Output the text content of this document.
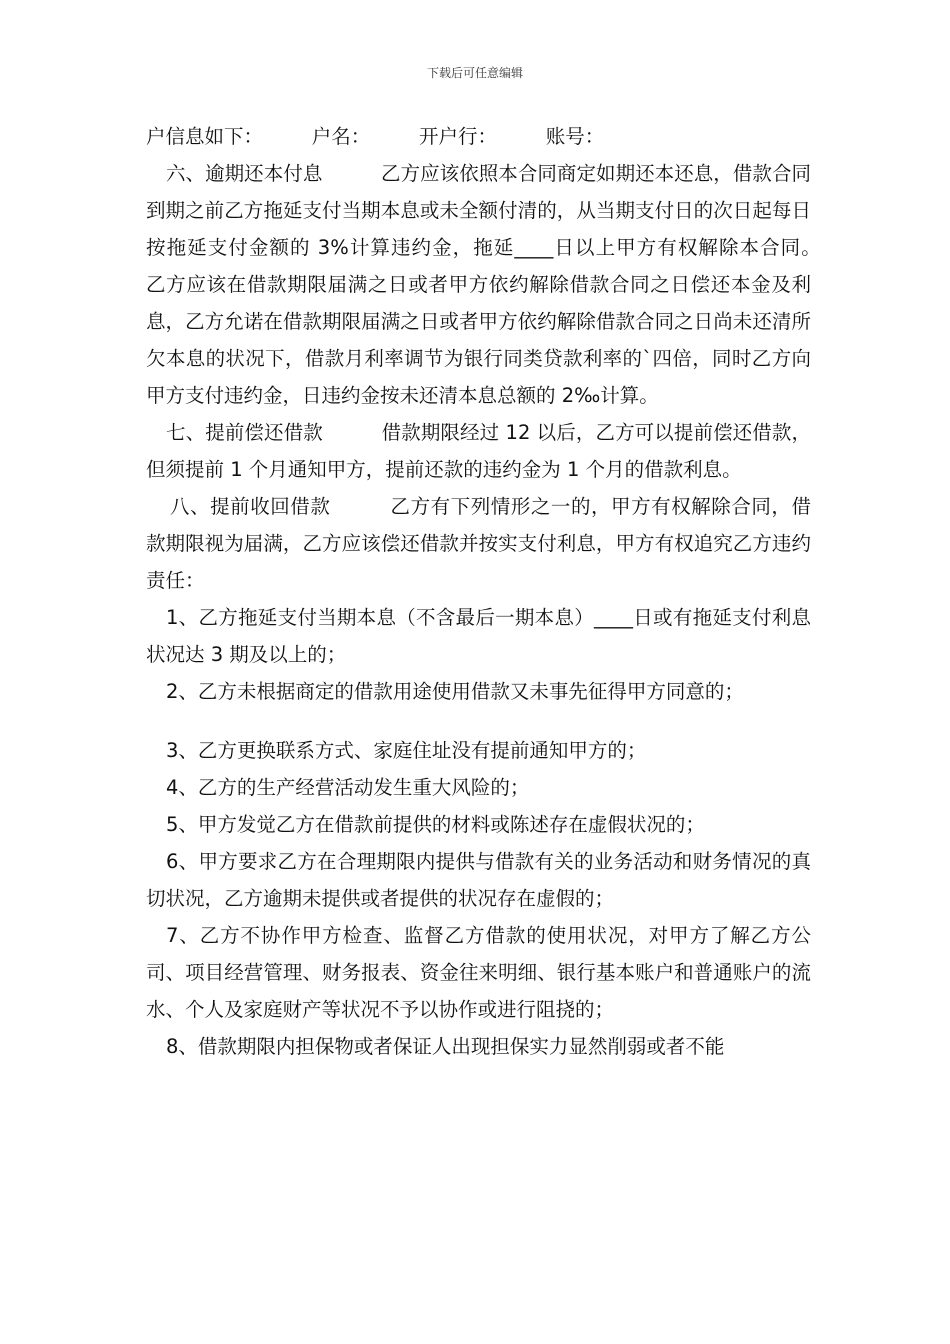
下载后可任意编辑

户信息如下：　　　户名：　　　开户行：　　　账号：

六、逾期还本付息　　　乙方应该依照本合同商定如期还本还息，借款合同到期之前乙方拖延支付当期本息或未全额付清的，从当期支付日的次日起每日按拖延支付金额的 3%计算违约金，拖延____日以上甲方有权解除本合同。　　　乙方应该在借款期限届满之日或者甲方依约解除借款合同之日偿还本金及利息，乙方允诺在借款期限届满之日或者甲方依约解除借款合同之日尚未还清所欠本息的状况下，借款月利率调节为银行同类贷款利率的`四倍，同时乙方向甲方支付违约金，日违约金按未还清本息总额的 2‰计算。

七、提前偿还借款　　　借款期限经过 12 以后，乙方可以提前偿还借款，但须提前 1 个月通知甲方，提前还款的违约金为 1 个月的借款利息。

八、提前收回借款　　　乙方有下列情形之一的，甲方有权解除合同，借款期限视为届满，乙方应该偿还借款并按实支付利息，甲方有权追究乙方违约责任：

1、乙方拖延支付当期本息（不含最后一期本息）____日或有拖延支付利息状况达 3 期及以上的；

2、乙方未根据商定的借款用途使用借款又未事先征得甲方同意的；

3、乙方更换联系方式、家庭住址没有提前通知甲方的；

4、乙方的生产经营活动发生重大风险的；

5、甲方发觉乙方在借款前提供的材料或陈述存在虚假状况的；

6、甲方要求乙方在合理期限内提供与借款有关的业务活动和财务情况的真切状况，乙方逾期未提供或者提供的状况存在虚假的；

7、乙方不协作甲方检查、监督乙方借款的使用状况，对甲方了解乙方公司、项目经营管理、财务报表、资金往来明细、银行基本账户和普通账户的流水、个人及家庭财产等状况不予以协作或进行阻挠的；

8、借款期限内担保物或者保证人出现担保实力显然削弱或者不能
